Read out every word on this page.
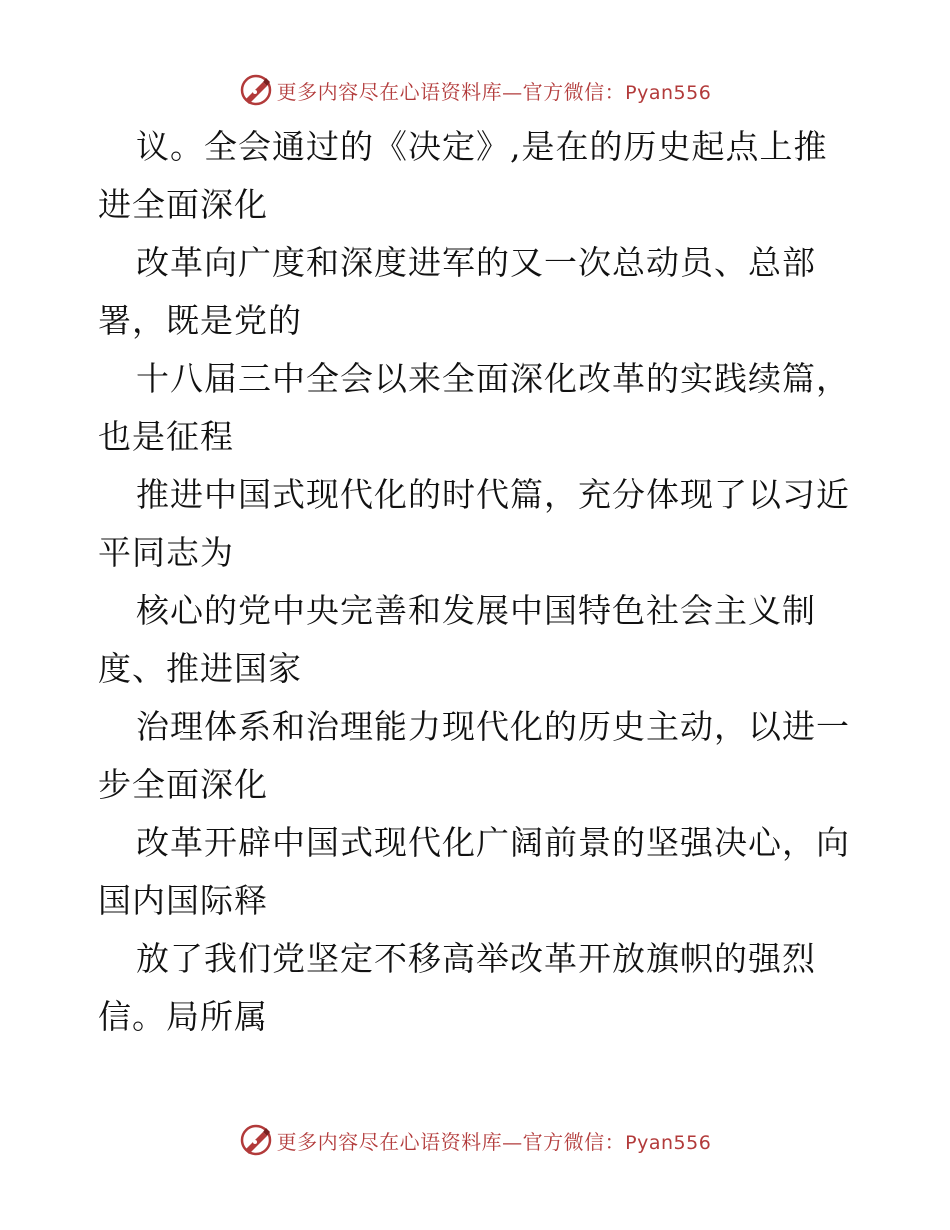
更多内容尽在心语资料库—官方微信：Pyan556

议。全会通过的《决定》,是在的历史起点上推
进全面深化

改革向广度和深度进军的又一次总动员、总部
署，既是党的

十八届三中全会以来全面深化改革的实践续篇，
也是征程

推进中国式现代化的时代篇，充分体现了以习近
平同志为

核心的党中央完善和发展中国特色社会主义制
度、推进国家

治理体系和治理能力现代化的历史主动，以进一
步全面深化

改革开辟中国式现代化广阔前景的坚强决心，向
国内国际释

放了我们党坚定不移高举改革开放旗帜的强烈
信。局所属

更多内容尽在心语资料库—官方微信：Pyan556
